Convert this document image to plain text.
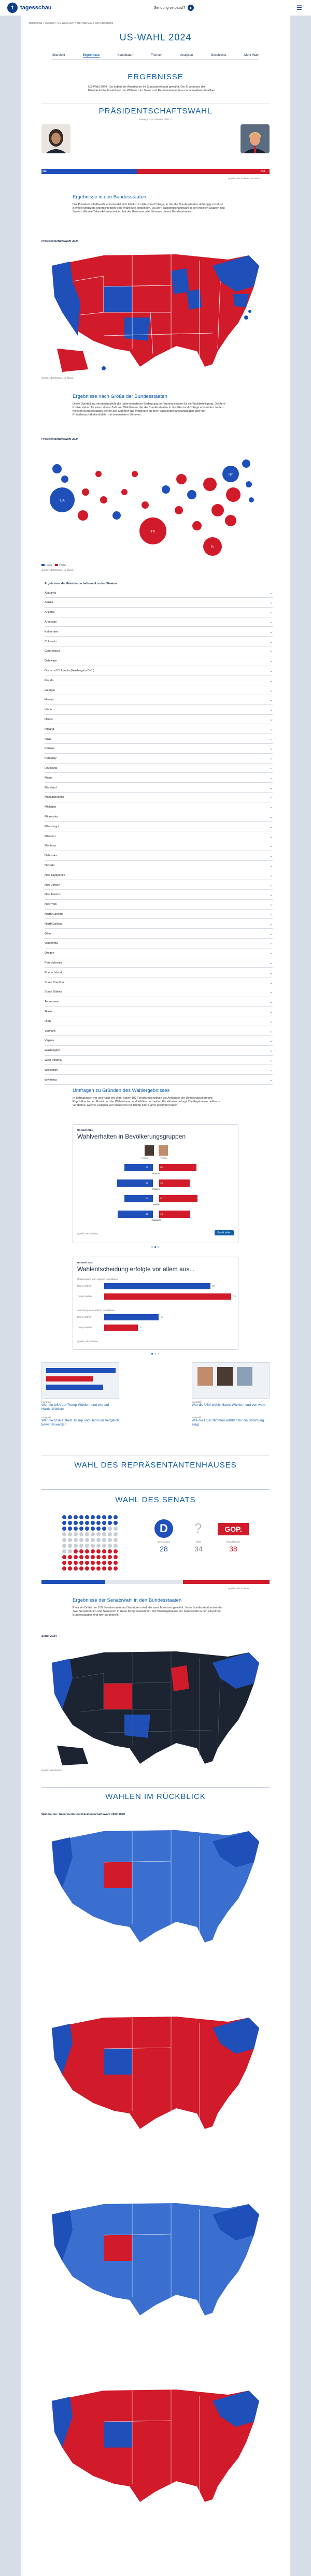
t	tagesschau	Sendung verpasst?	▶	☰
tagesschau > Ausland > US-Wahl 2024 > US-Wahl 2024: Alle Ergebnisse
US-WAHL 2024
Übersicht	Ergebnisse	Kandidaten	Themen	Analysen	Geschichte	Mehr Wahl
ERGEBNISSE
US-Wahl 2024 - So haben die Amerikaner ihr Staatsoberhaupt gewählt: Die Ergebnisse der Präsidentschaftswahl und der Wahlen zum Senat und Repräsentantenhaus in interaktiven Grafiken.
PRÄSIDENTSCHAFTSWAHL
Benötigt: 270 Stimmen, offen: 0
226	312
Quelle: NBC/Edison, ca-Stand...
Ergebnisse in den Bundesstaaten
Der Präsidentschaftswahl entscheidet sich letztlich im Electoral College, in das die Bundesstaaten abhängig von ihrer Bevölkerungszahl unterschiedlich viele Wahlleute entsenden. Da der Präsidentschaftswahl in den meisten Staaten das System Winner-Takes-All entscheidet, hat der Gewinner alle Stimmen dieses Bundesstaates.
Präsidentschaftswahl 2024
Quelle: NBC/Edison, ca-Stand...
Ergebnisse nach Größe der Bundesstaaten
Diese Darstellung veranschaulicht die unterschiedliche Bedeutung der Bundesstaaten für die Wahlbeteiligung. Größere Kreise stehen für eine höhere Zahl von Wahlleuten, die die Bundesstaaten in das Electoral College entsenden. In den meisten Bundesstaaten gehen alle Stimmen der Wahlleute an den Präsidentschaftskandidaten oder der Präsidentschaftskandidatin mit den meisten Stimmen.
Präsidentschaftswahl 2024
CA
TX
FL
NY
Harris	Trump
Quelle: NBC/Edison, ca-Stand...
Ergebnisse der Präsidentschaftswahl in den Staaten
Alabama	⌄
Alaska	⌄
Arizona	⌄
Arkansas	⌄
Kalifornien	⌄
Colorado	⌄
Connecticut	⌄
Delaware	⌄
District of Columbia (Washington D.C.)	⌄
Florida	⌄
Georgia	⌄
Hawaii	⌄
Idaho	⌄
Illinois	⌄
Indiana	⌄
Iowa	⌄
Kansas	⌄
Kentucky	⌄
Louisiana	⌄
Maine	⌄
Maryland	⌄
Massachusetts	⌄
Michigan	⌄
Minnesota	⌄
Mississippi	⌄
Missouri	⌄
Montana	⌄
Nebraska	⌄
Nevada	⌄
New Hampshire	⌄
New Jersey	⌄
New Mexico	⌄
New York	⌄
North Carolina	⌄
North Dakota	⌄
Ohio	⌄
Oklahoma	⌄
Oregon	⌄
Pennsylvania	⌄
Rhode Island	⌄
South Carolina	⌄
South Dakota	⌄
Tennessee	⌄
Texas	⌄
Utah	⌄
Vermont	⌄
Virginia	⌄
Washington	⌄
West Virginia	⌄
Wisconsin	⌄
Wyoming	⌄
Umfragen zu Gründen des Wahlergebnisses
In Befragungen vor und nach der Wahl haben US-Forschungsinstitute die Anhänger der Demokratischen und Republikanischen Partei und die Wählerinnen und Wähler der beiden Kandidaten befragt. Die Ergebnisse helfen zu verstehen, welche Gruppen von Menschen für Trump oder Harris gestimmt haben.
US-Wahl 2024
Wahlverhalten in Bevölkerungsgruppen
Harris	Trump
42	55
Männer
53	45
Frauen
42	57
Weiße
52	46
Hispanics
Quelle: NBC/Edison	Grafik teilen
US-Wahl 2024
Wahlentscheidung erfolgte vor allem aus...
Überzeugung vom eigenen Kandidaten
Ablehnung des anderen Kandidaten
Harris-Wähler	66
Trump-Wähler	79
Harris-Wähler	34
Trump-Wähler	21
Quelle: NBC/Edison
Infografik
Wer die USA auf Trump-Wählern und wer auf Harris-Wählern
Infografik
Wer die USA aufteilt: Trump und Harris im Vergleich bewertet werden
Infografik
Wer die USA wählt: Harris-Wählern und von wem
Infografik
Wie die USA Stimmen wählten für die Stimmung zeigt
WAHL DES REPRÄSENTANTENHAUSES
WAHL DES SENATS
D
Demokraten
28
?
offen
34
GOP.
Republikaner
38
Quelle: NBC/Edison
Ergebnisse der Senatswahl in den Bundesstaaten
Etwa ein Drittel der 100 Senatorinnen und Senatoren wird alle zwei Jahre neu gewählt: Jeder Bundesstaat entsendet zwei Senatorinnen und Senatoren in diese Kongresskammer. Die Wahlergebnisse der Senatswahl in den einzelnen Bundesstaaten sind hier dargestellt.
Senat 2024
Quelle: NBC/Edison
WAHLEN IM RÜCKBLICK
Wahlkarten: Gewinnerinnen Präsidentschaftswahl 1992-2020
